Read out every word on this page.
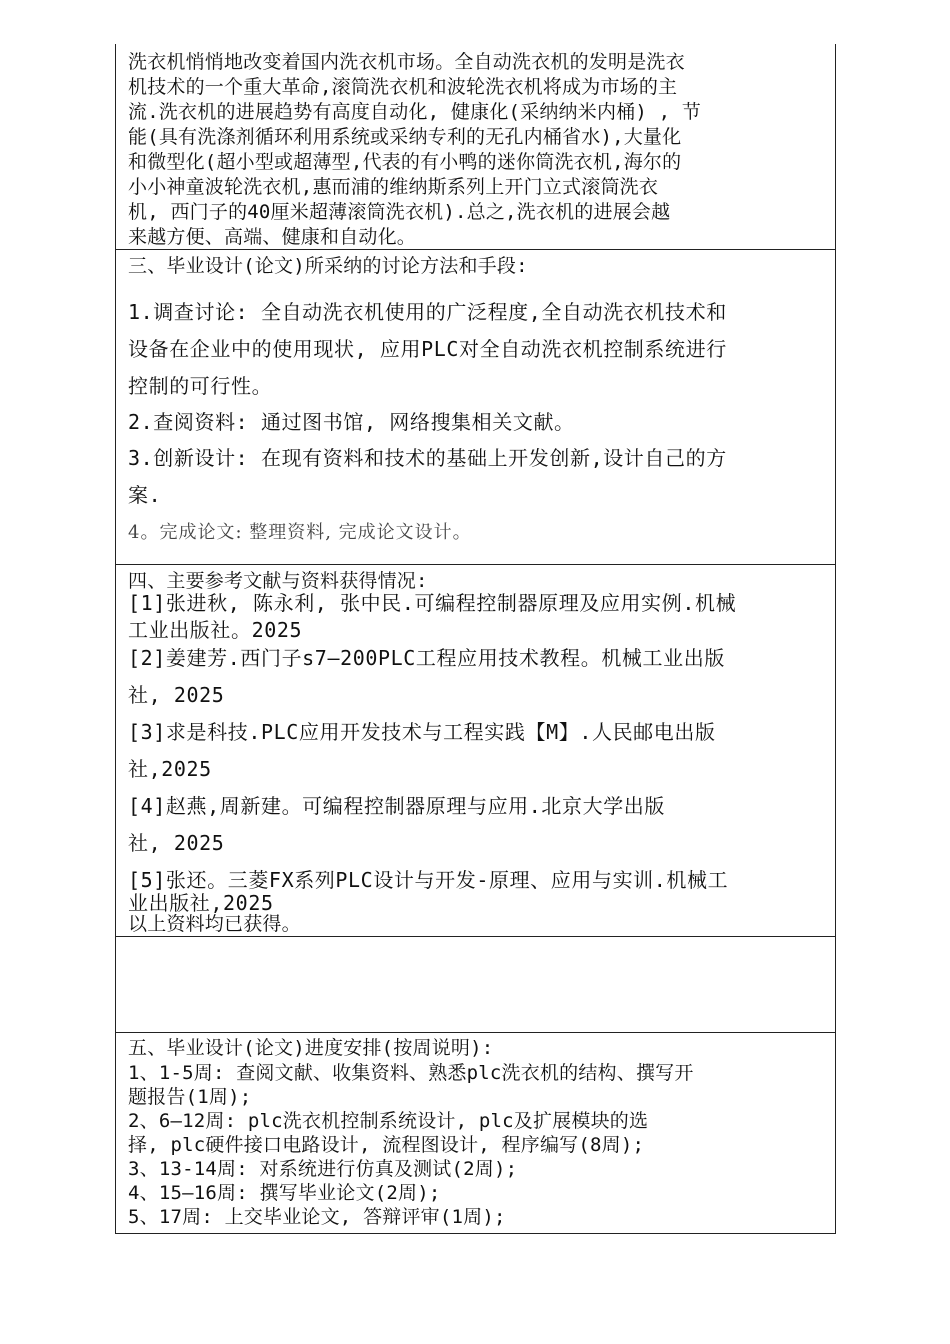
洗衣机悄悄地改变着国内洗衣机市场。全自动洗衣机的发明是洗衣
机技术的一个重大革命,滚筒洗衣机和波轮洗衣机将成为市场的主
流.洗衣机的进展趋势有高度自动化, 健康化(采纳纳米内桶) , 节
能(具有洗涤剂循环利用系统或采纳专利的无孔内桶省水),大量化
和微型化(超小型或超薄型,代表的有小鸭的迷你筒洗衣机,海尔的
小小神童波轮洗衣机,惠而浦的维纳斯系列上开门立式滚筒洗衣
机, 西门子的40厘米超薄滚筒洗衣机).总之,洗衣机的进展会越
来越方便、高端、健康和自动化。
三、毕业设计(论文)所采纳的讨论方法和手段:
1.调查讨论: 全自动洗衣机使用的广泛程度,全自动洗衣机技术和
设备在企业中的使用现状, 应用PLC对全自动洗衣机控制系统进行
控制的可行性。
2.查阅资料: 通过图书馆, 网络搜集相关文献。
3.创新设计: 在现有资料和技术的基础上开发创新,设计自己的方
案.
4。完成论文: 整理资料, 完成论文设计。
四、主要参考文献与资料获得情况:
[1]张进秋, 陈永利, 张中民.可编程控制器原理及应用实例.机械
工业出版社。2025
[2]姜建芳.西门子s7—200PLC工程应用技术教程。机械工业出版
社, 2025
[3]求是科技.PLC应用开发技术与工程实践【M】.人民邮电出版
社,2025
[4]赵燕,周新建。可编程控制器原理与应用.北京大学出版
社, 2025
[5]张还。三菱FX系列PLC设计与开发-原理、应用与实训.机械工
业出版社,2025
以上资料均已获得。
五、毕业设计(论文)进度安排(按周说明):
1、1-5周: 查阅文献、收集资料、熟悉plc洗衣机的结构、撰写开
题报告(1周);
2、6—12周: plc洗衣机控制系统设计, plc及扩展模块的选
择, plc硬件接口电路设计, 流程图设计, 程序编写(8周);
3、13-14周: 对系统进行仿真及测试(2周);
4、15—16周: 撰写毕业论文(2周);
5、17周: 上交毕业论文, 答辩评审(1周);
